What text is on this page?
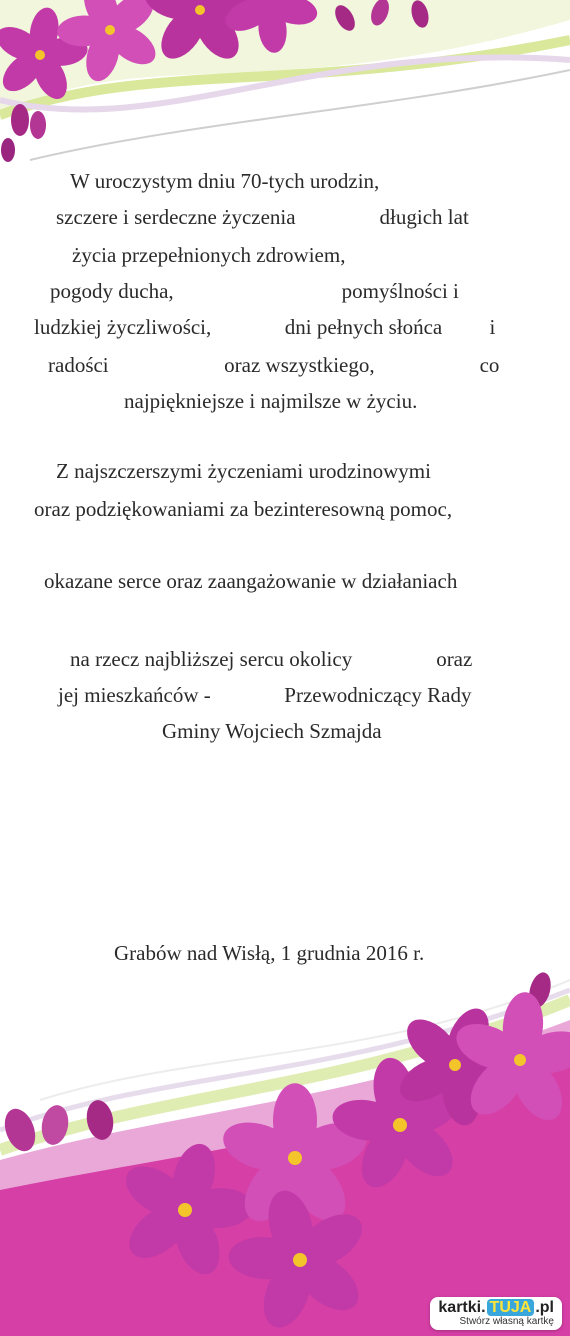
W uroczystym dniu 70-tych urodzin,
szczere i serdeczne życzenia                długich lat
życia przepełnionych zdrowiem,
pogody ducha,                                pomyślności i
ludzkiej życzliwości,              dni pełnych słońca         i
radości                      oraz wszystkiego,                    co
najpiękniejsze i najmilsze w życiu.
Z najszczerszymi życzeniami urodzinowymi
oraz podziękowaniami za bezinteresowną pomoc,
okazane serce oraz zaangażowanie w działaniach
na rzecz najbliższej sercu okolicy                oraz
jej mieszkańców -              Przewodniczący Rady
Gminy Wojciech Szmajda
Grabów nad Wisłą, 1 grudnia 2016 r.
kartki. TUJA .pl
Stwórz własną kartkę
